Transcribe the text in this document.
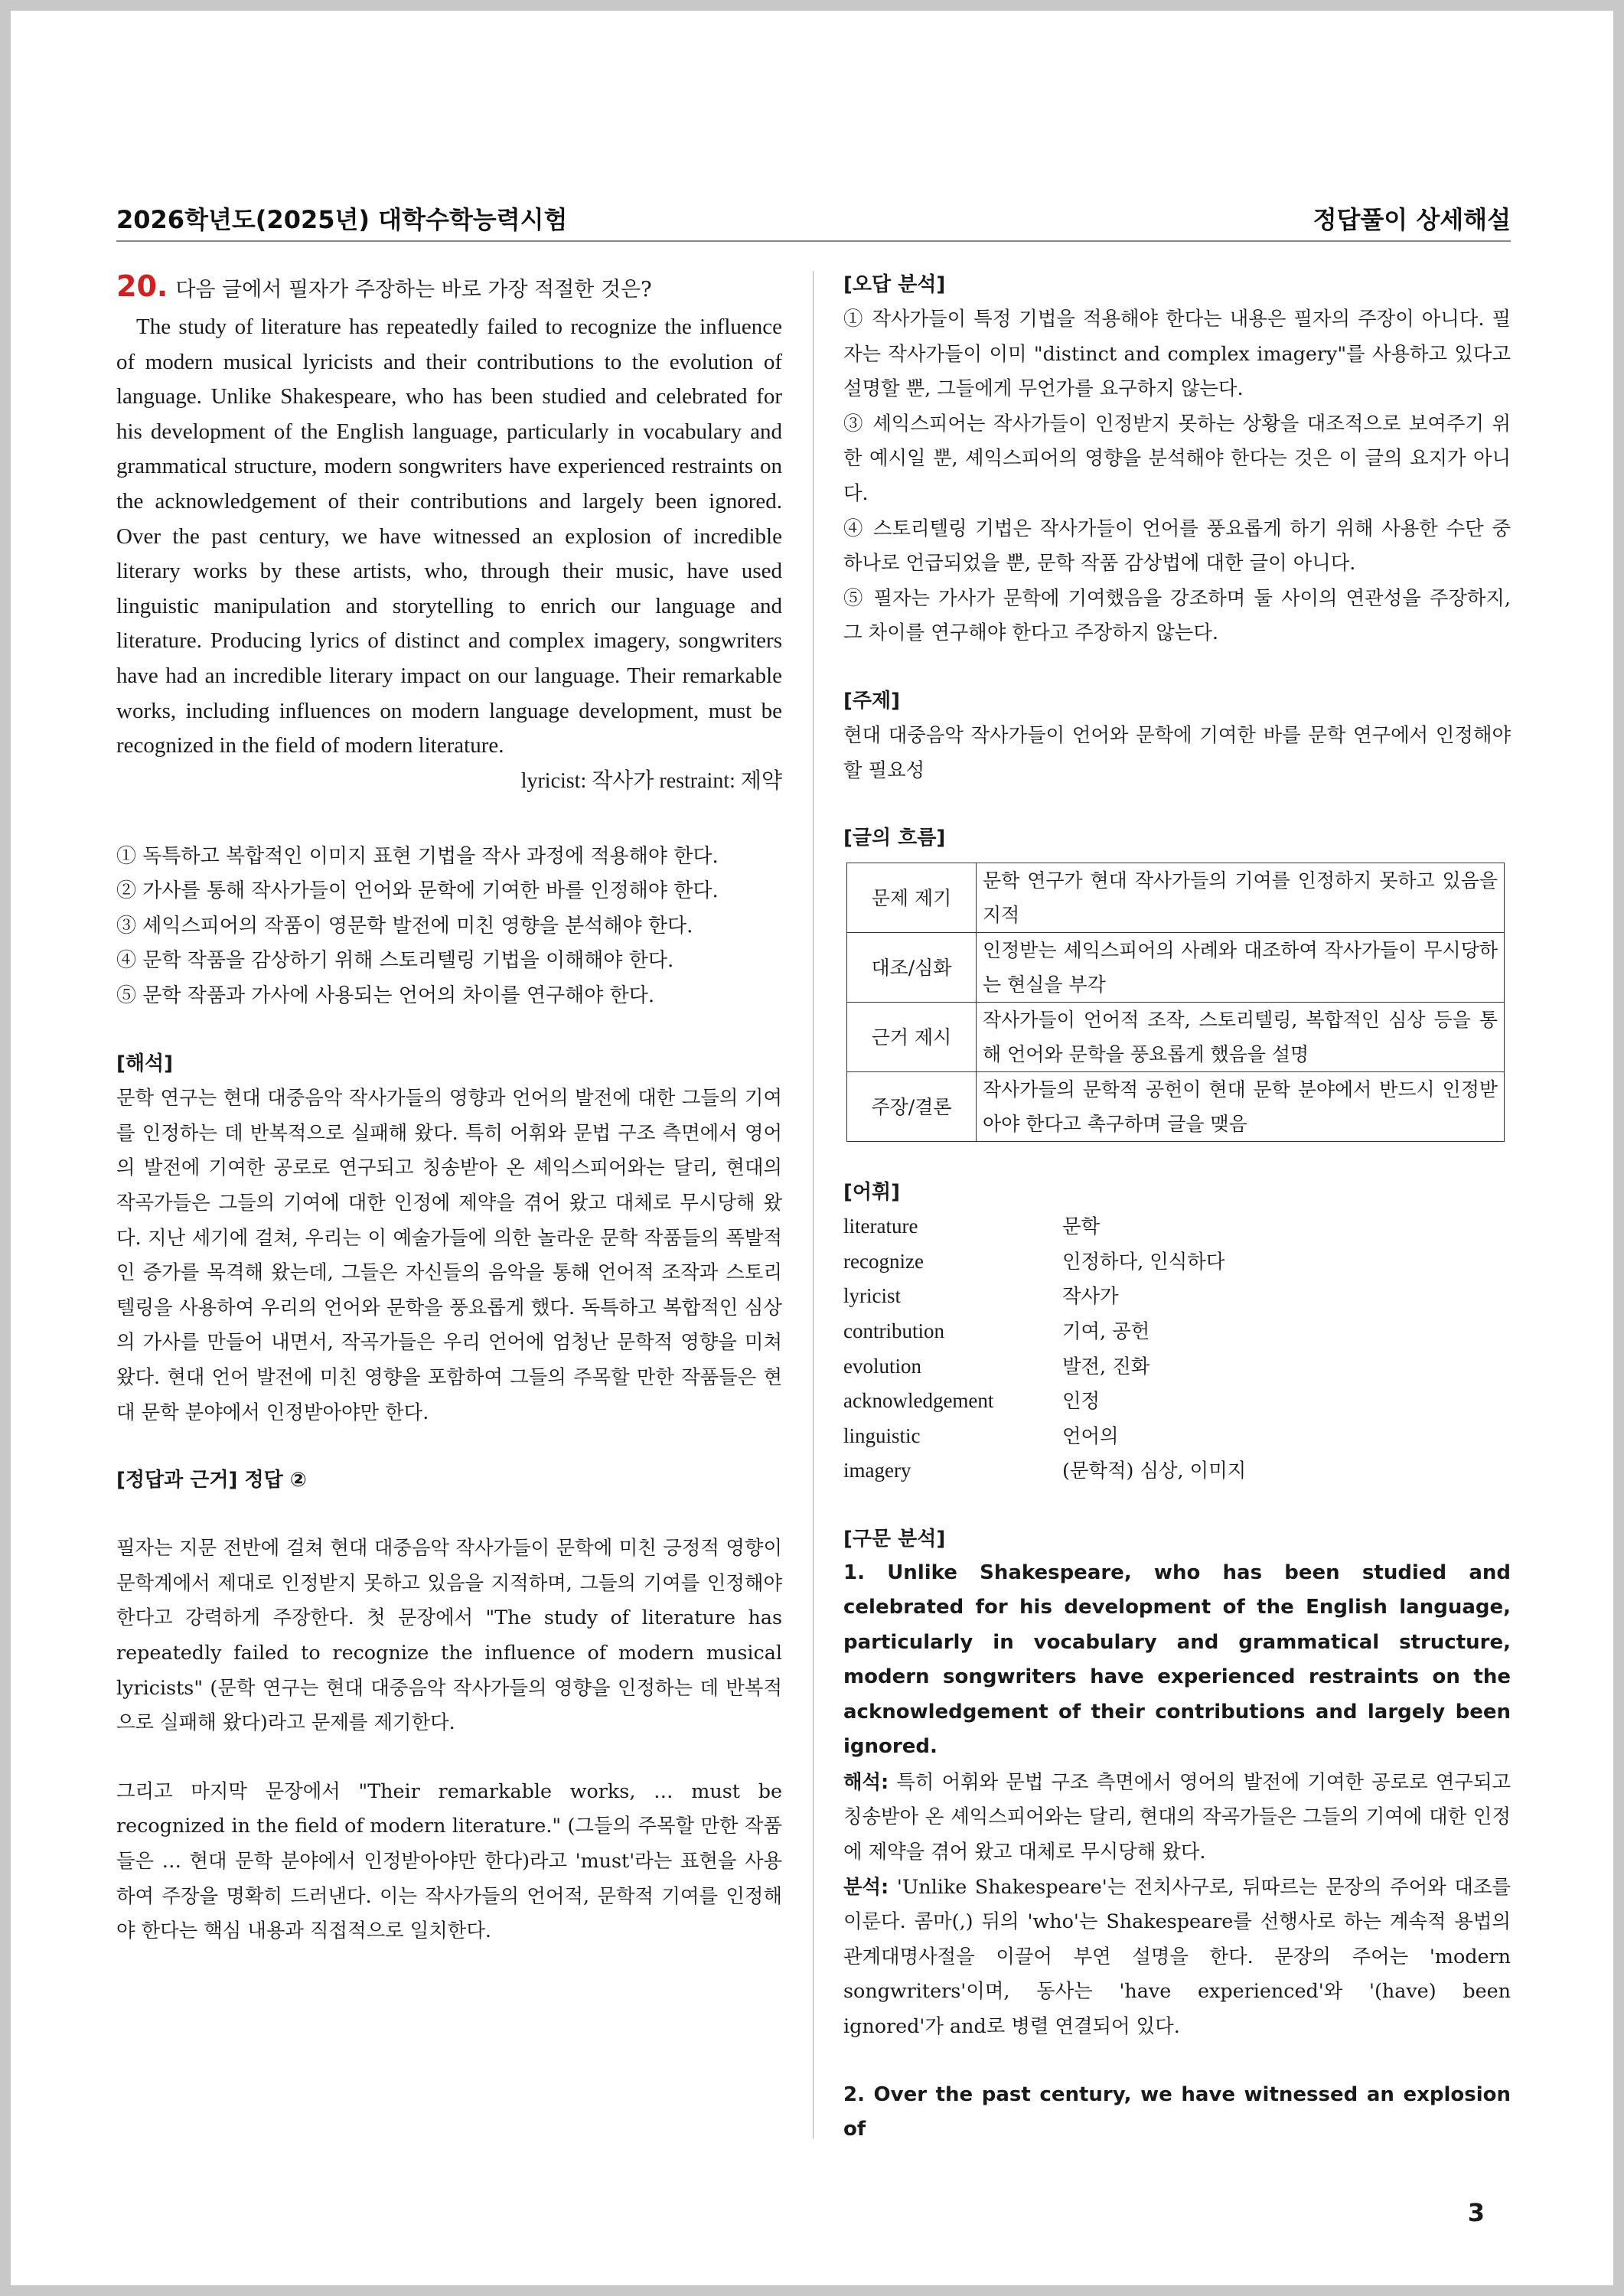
2026학년도(2025년) 대학수학능력시험	정답풀이 상세해설
20. 다음 글에서 필자가 주장하는 바로 가장 적절한 것은?

The study of literature has repeatedly failed to recognize the influence of modern musical lyricists and their contributions to the evolution of language. Unlike Shakespeare, who has been studied and celebrated for his development of the English language, particularly in vocabulary and grammatical structure, modern songwriters have experienced restraints on the acknowledgement of their contributions and largely been ignored. Over the past century, we have witnessed an explosion of incredible literary works by these artists, who, through their music, have used linguistic manipulation and storytelling to enrich our language and literature. Producing lyrics of distinct and complex imagery, songwriters have had an incredible literary impact on our language. Their remarkable works, including influences on modern language development, must be recognized in the field of modern literature.

lyricist: 작사가 restraint: 제약
① 독특하고 복합적인 이미지 표현 기법을 작사 과정에 적용해야 한다.
② 가사를 통해 작사가들이 언어와 문학에 기여한 바를 인정해야 한다.
③ 셰익스피어의 작품이 영문학 발전에 미친 영향을 분석해야 한다.
④ 문학 작품을 감상하기 위해 스토리텔링 기법을 이해해야 한다.
⑤ 문학 작품과 가사에 사용되는 언어의 차이를 연구해야 한다.
[해석]

문학 연구는 현대 대중음악 작사가들의 영향과 언어의 발전에 대한 그들의 기여를 인정하는 데 반복적으로 실패해 왔다. 특히 어휘와 문법 구조 측면에서 영어의 발전에 기여한 공로로 연구되고 칭송받아 온 셰익스피어와는 달리, 현대의 작곡가들은 그들의 기여에 대한 인정에 제약을 겪어 왔고 대체로 무시당해 왔다. 지난 세기에 걸쳐, 우리는 이 예술가들에 의한 놀라운 문학 작품들의 폭발적인 증가를 목격해 왔는데, 그들은 자신들의 음악을 통해 언어적 조작과 스토리텔링을 사용하여 우리의 언어와 문학을 풍요롭게 했다. 독특하고 복합적인 심상의 가사를 만들어 내면서, 작곡가들은 우리 언어에 엄청난 문학적 영향을 미쳐 왔다. 현대 언어 발전에 미친 영향을 포함하여 그들의 주목할 만한 작품들은 현대 문학 분야에서 인정받아야만 한다.

[정답과 근거] 정답 ②

필자는 지문 전반에 걸쳐 현대 대중음악 작사가들이 문학에 미친 긍정적 영향이 문학계에서 제대로 인정받지 못하고 있음을 지적하며, 그들의 기여를 인정해야 한다고 강력하게 주장한다. 첫 문장에서 "The study of literature has repeatedly failed to recognize the influence of modern musical lyricists" (문학 연구는 현대 대중음악 작사가들의 영향을 인정하는 데 반복적으로 실패해 왔다)라고 문제를 제기한다.

그리고 마지막 문장에서 "Their remarkable works, … must be recognized in the field of modern literature." (그들의 주목할 만한 작품들은 … 현대 문학 분야에서 인정받아야만 한다)라고 'must'라는 표현을 사용하여 주장을 명확히 드러낸다. 이는 작사가들의 언어적, 문학적 기여를 인정해야 한다는 핵심 내용과 직접적으로 일치한다.

[오답 분석]

① 작사가들이 특정 기법을 적용해야 한다는 내용은 필자의 주장이 아니다. 필자는 작사가들이 이미 "distinct and complex imagery"를 사용하고 있다고 설명할 뿐, 그들에게 무언가를 요구하지 않는다.

③ 셰익스피어는 작사가들이 인정받지 못하는 상황을 대조적으로 보여주기 위한 예시일 뿐, 셰익스피어의 영향을 분석해야 한다는 것은 이 글의 요지가 아니다.

④ 스토리텔링 기법은 작사가들이 언어를 풍요롭게 하기 위해 사용한 수단 중 하나로 언급되었을 뿐, 문학 작품 감상법에 대한 글이 아니다.

⑤ 필자는 가사가 문학에 기여했음을 강조하며 둘 사이의 연관성을 주장하지, 그 차이를 연구해야 한다고 주장하지 않는다.

[주제]

현대 대중음악 작사가들이 언어와 문학에 기여한 바를 문학 연구에서 인정해야 할 필요성

[글의 흐름]
문제 제기	문학 연구가 현대 작사가들의 기여를 인정하지 못하고 있음을 지적
대조/심화	인정받는 셰익스피어의 사례와 대조하여 작사가들이 무시당하는 현실을 부각
근거 제시	작사가들이 언어적 조작, 스토리텔링, 복합적인 심상 등을 통해 언어와 문학을 풍요롭게 했음을 설명
주장/결론	작사가들의 문학적 공헌이 현대 문학 분야에서 반드시 인정받아야 한다고 촉구하며 글을 맺음
[어휘]
literature	문학
recognize	인정하다, 인식하다
lyricist	작사가
contribution	기여, 공헌
evolution	발전, 진화
acknowledgement	인정
linguistic	언어의
imagery	(문학적) 심상, 이미지
[구문 분석]

1. Unlike Shakespeare, who has been studied and celebrated for his development of the English language, particularly in vocabulary and grammatical structure, modern songwriters have experienced restraints on the acknowledgement of their contributions and largely been ignored.

해석: 특히 어휘와 문법 구조 측면에서 영어의 발전에 기여한 공로로 연구되고 칭송받아 온 셰익스피어와는 달리, 현대의 작곡가들은 그들의 기여에 대한 인정에 제약을 겪어 왔고 대체로 무시당해 왔다.

분석: 'Unlike Shakespeare'는 전치사구로, 뒤따르는 문장의 주어와 대조를 이룬다. 콤마(,) 뒤의 'who'는 Shakespeare를 선행사로 하는 계속적 용법의 관계대명사절을 이끌어 부연 설명을 한다. 문장의 주어는 'modern songwriters'이며, 동사는 'have experienced'와 '(have) been ignored'가 and로 병렬 연결되어 있다.

2. Over the past century, we have witnessed an explosion of

3
